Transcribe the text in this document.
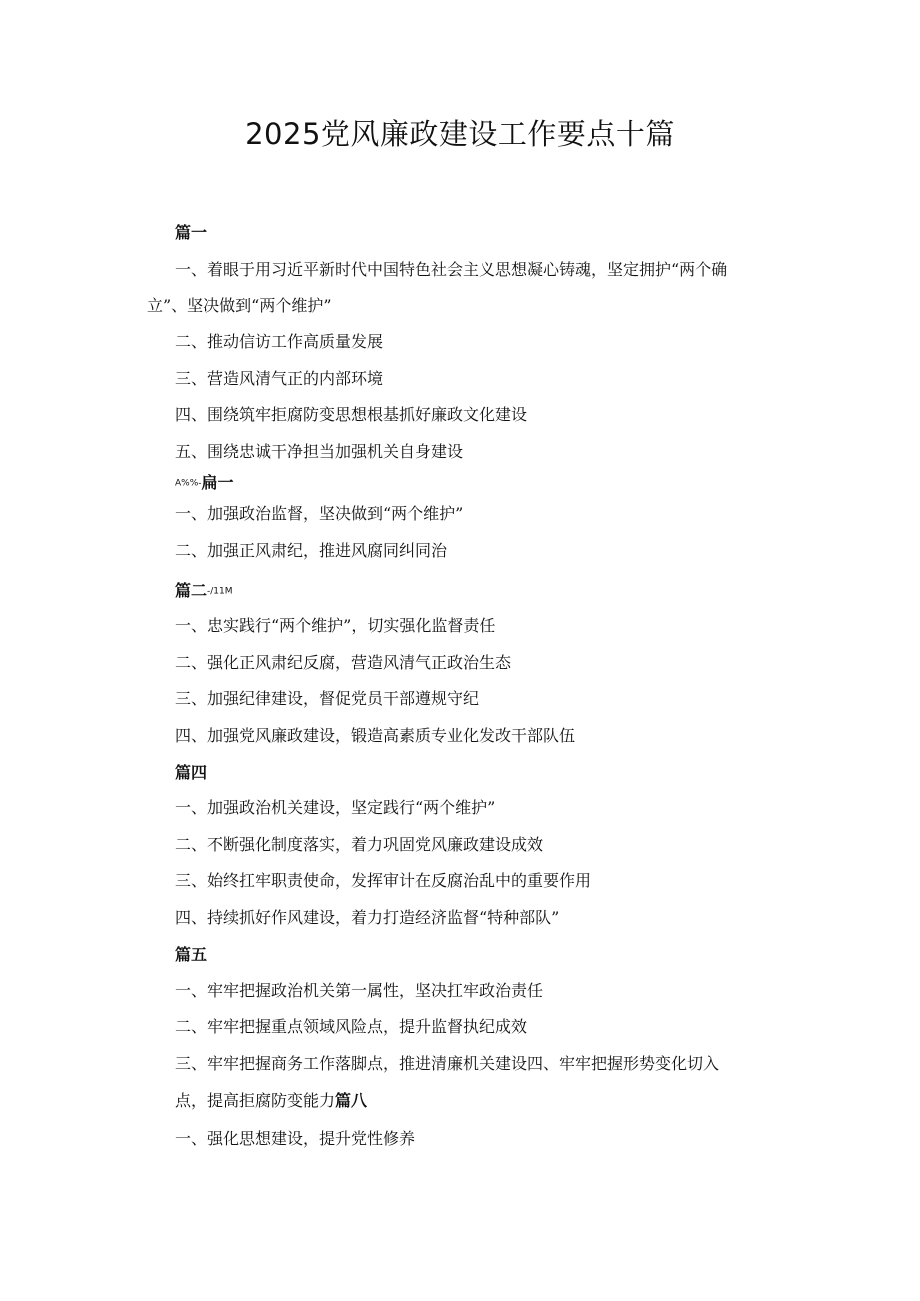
2025党风廉政建设工作要点十篇

篇一

一、着眼于用习近平新时代中国特色社会主义思想凝心铸魂，坚定拥护“两个确

立”、坚决做到“两个维护”

二、推动信访工作高质量发展

三、营造风清气正的内部环境

四、围绕筑牢拒腐防变思想根基抓好廉政文化建设

五、围绕忠诚干净担当加强机关自身建设

A%%-扁一

一、加强政治监督，坚决做到“两个维护”

二、加强正风肃纪，推进风腐同纠同治

篇二-/11M

一、忠实践行“两个维护”，切实强化监督责任

二、强化正风肃纪反腐，营造风清气正政治生态

三、加强纪律建设，督促党员干部遵规守纪

四、加强党风廉政建设，锻造高素质专业化发改干部队伍

篇四

一、加强政治机关建设，坚定践行“两个维护”

二、不断强化制度落实，着力巩固党风廉政建设成效

三、始终扛牢职责使命，发挥审计在反腐治乱中的重要作用

四、持续抓好作风建设，着力打造经济监督“特种部队”

篇五

一、牢牢把握政治机关第一属性，坚决扛牢政治责任

二、牢牢把握重点领域风险点，提升监督执纪成效

三、牢牢把握商务工作落脚点，推进清廉机关建设四、牢牢把握形势变化切入

点，提高拒腐防变能力篇八

一、强化思想建设，提升党性修养
